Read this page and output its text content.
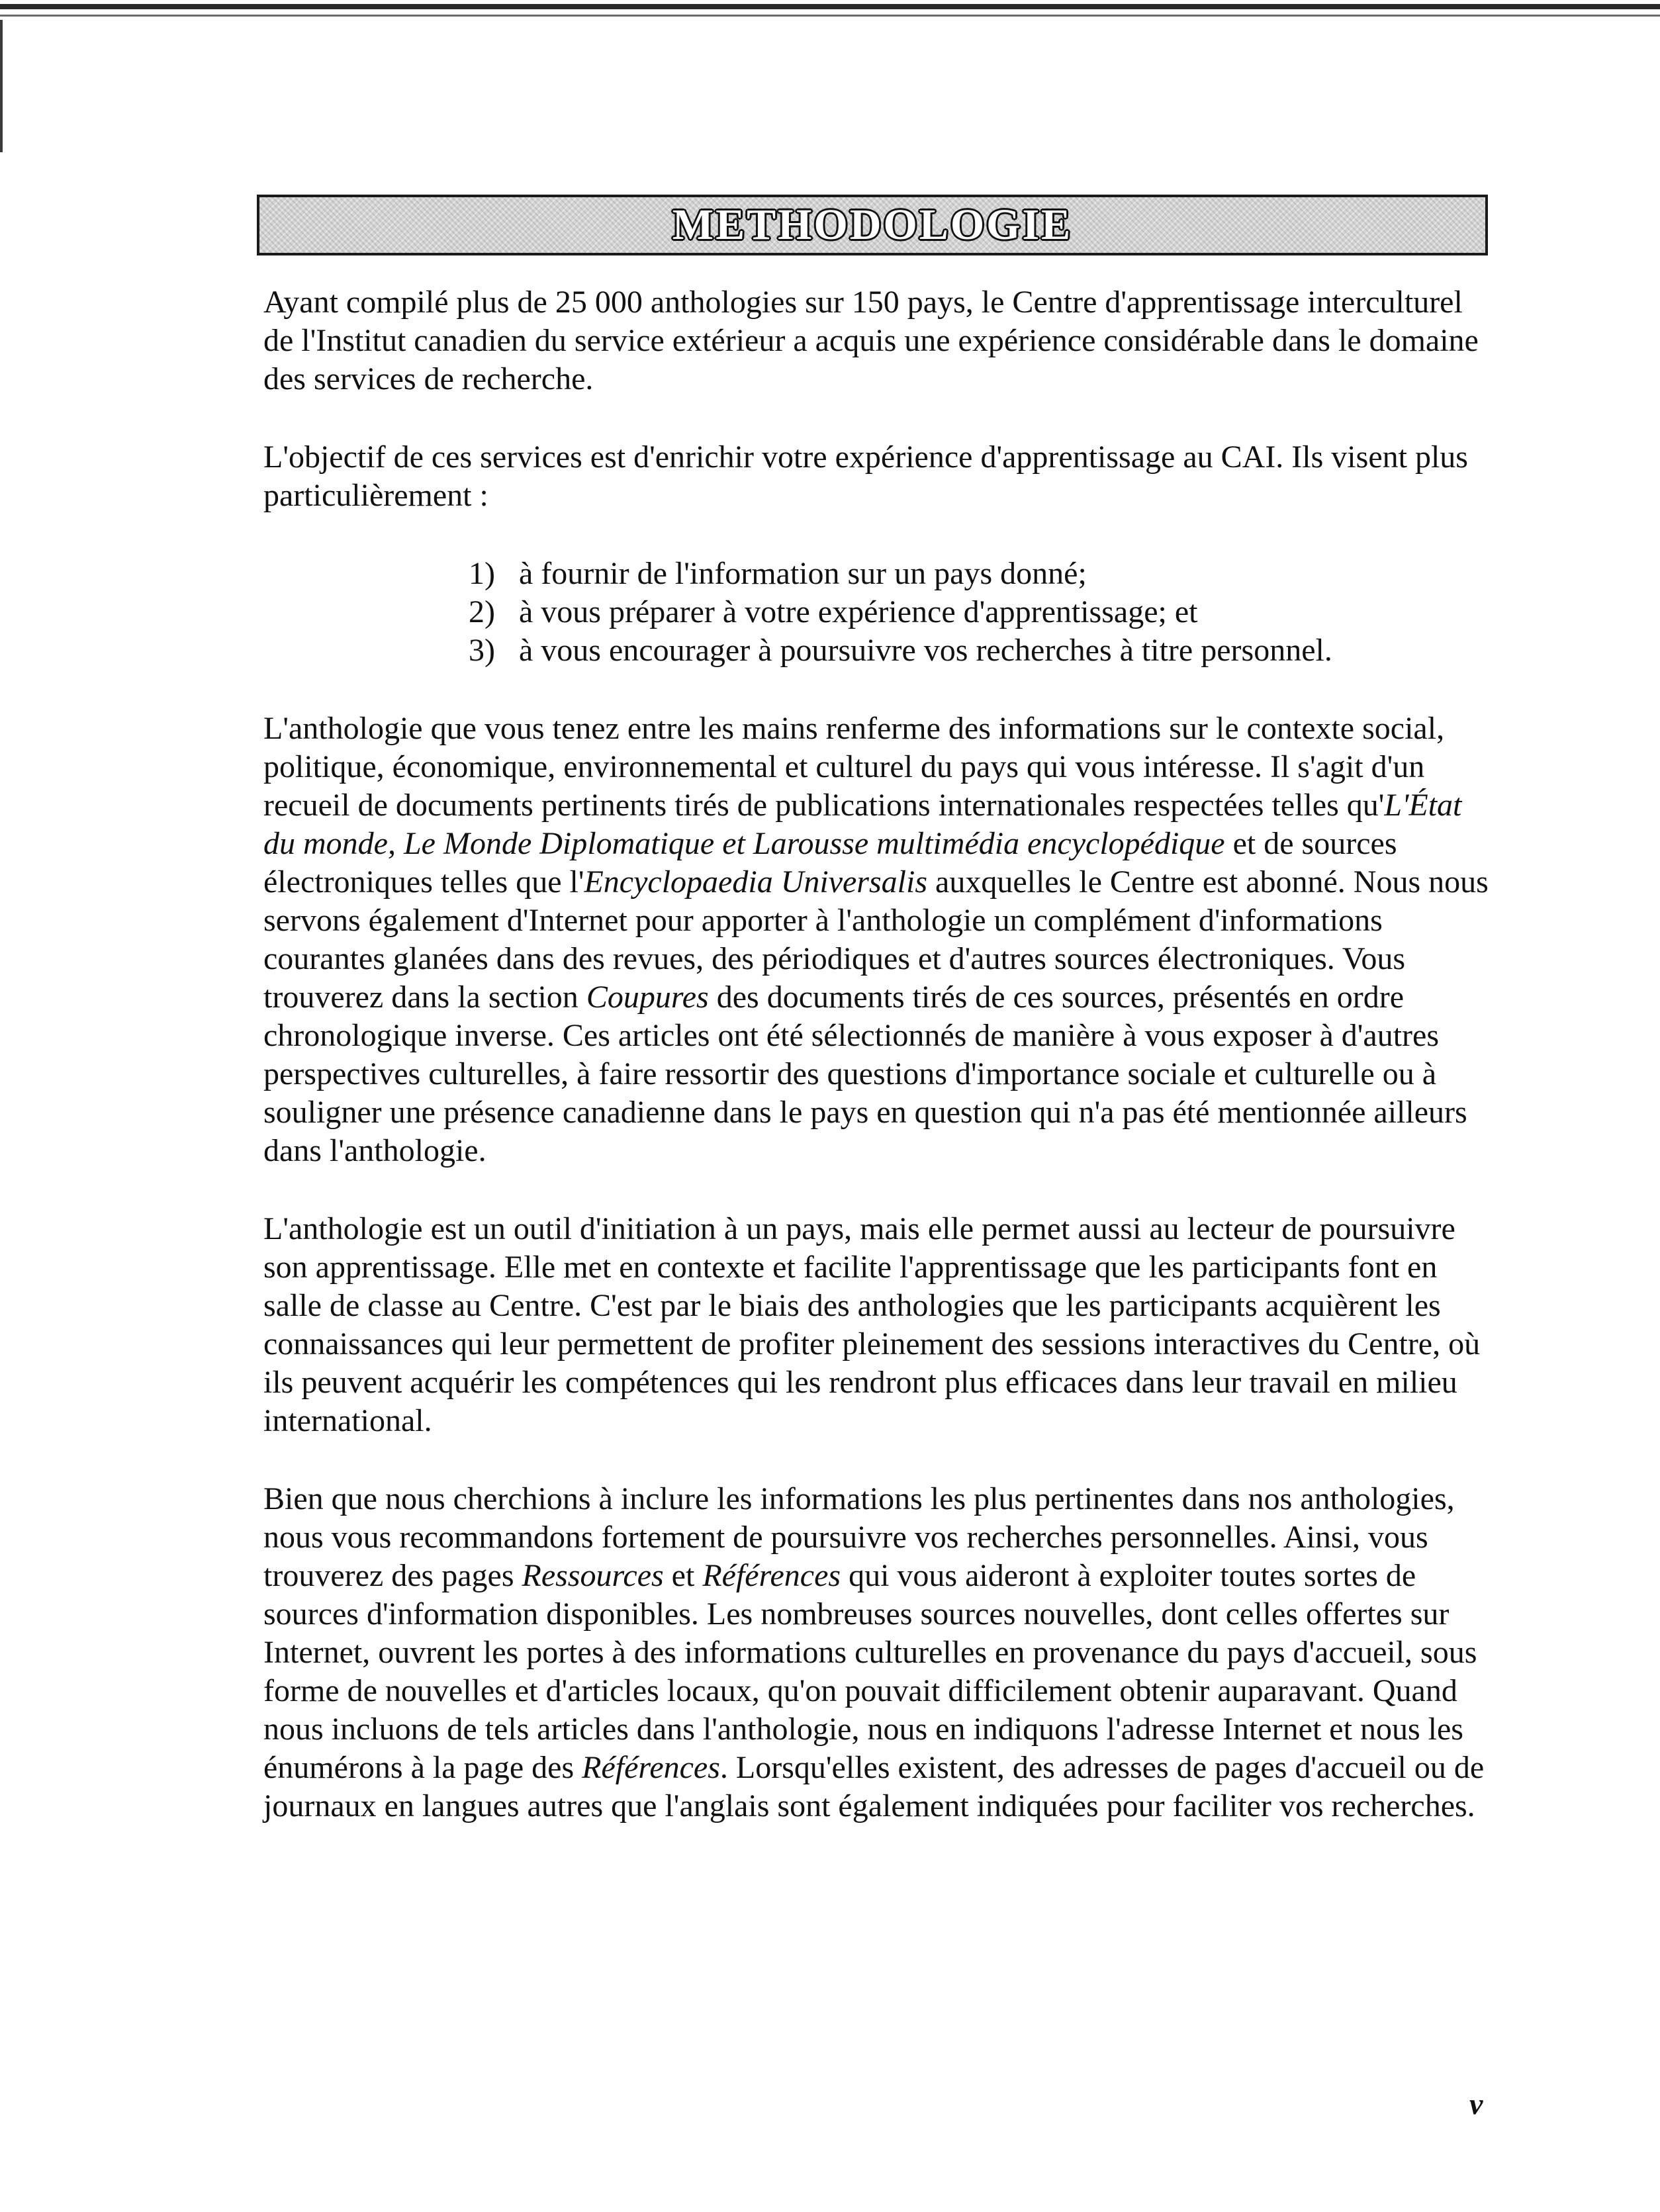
METHODOLOGIE

Ayant compilé plus de 25 000 anthologies sur 150 pays, le Centre d'apprentissage interculturel de l'Institut canadien du service extérieur a acquis une expérience considérable dans le domaine des services de recherche.

L'objectif de ces services est d'enrichir votre expérience d'apprentissage au CAI. Ils visent plus particulièrement :

1) à fournir de l'information sur un pays donné;
2) à vous préparer à votre expérience d'apprentissage; et
3) à vous encourager à poursuivre vos recherches à titre personnel.

L'anthologie que vous tenez entre les mains renferme des informations sur le contexte social, politique, économique, environnemental et culturel du pays qui vous intéresse. Il s'agit d'un recueil de documents pertinents tirés de publications internationales respectées telles qu'L'État du monde, Le Monde Diplomatique et Larousse multimédia encyclopédique et de sources électroniques telles que l'Encyclopaedia Universalis auxquelles le Centre est abonné. Nous nous servons également d'Internet pour apporter à l'anthologie un complément d'informations courantes glanées dans des revues, des périodiques et d'autres sources électroniques. Vous trouverez dans la section Coupures des documents tirés de ces sources, présentés en ordre chronologique inverse. Ces articles ont été sélectionnés de manière à vous exposer à d'autres perspectives culturelles, à faire ressortir des questions d'importance sociale et culturelle ou à souligner une présence canadienne dans le pays en question qui n'a pas été mentionnée ailleurs dans l'anthologie.

L'anthologie est un outil d'initiation à un pays, mais elle permet aussi au lecteur de poursuivre son apprentissage. Elle met en contexte et facilite l'apprentissage que les participants font en salle de classe au Centre. C'est par le biais des anthologies que les participants acquièrent les connaissances qui leur permettent de profiter pleinement des sessions interactives du Centre, où ils peuvent acquérir les compétences qui les rendront plus efficaces dans leur travail en milieu international.

Bien que nous cherchions à inclure les informations les plus pertinentes dans nos anthologies, nous vous recommandons fortement de poursuivre vos recherches personnelles. Ainsi, vous trouverez des pages Ressources et Références qui vous aideront à exploiter toutes sortes de sources d'information disponibles. Les nombreuses sources nouvelles, dont celles offertes sur Internet, ouvrent les portes à des informations culturelles en provenance du pays d'accueil, sous forme de nouvelles et d'articles locaux, qu'on pouvait difficilement obtenir auparavant. Quand nous incluons de tels articles dans l'anthologie, nous en indiquons l'adresse Internet et nous les énumérons à la page des Références. Lorsqu'elles existent, des adresses de pages d'accueil ou de journaux en langues autres que l'anglais sont également indiquées pour faciliter vos recherches.

v
